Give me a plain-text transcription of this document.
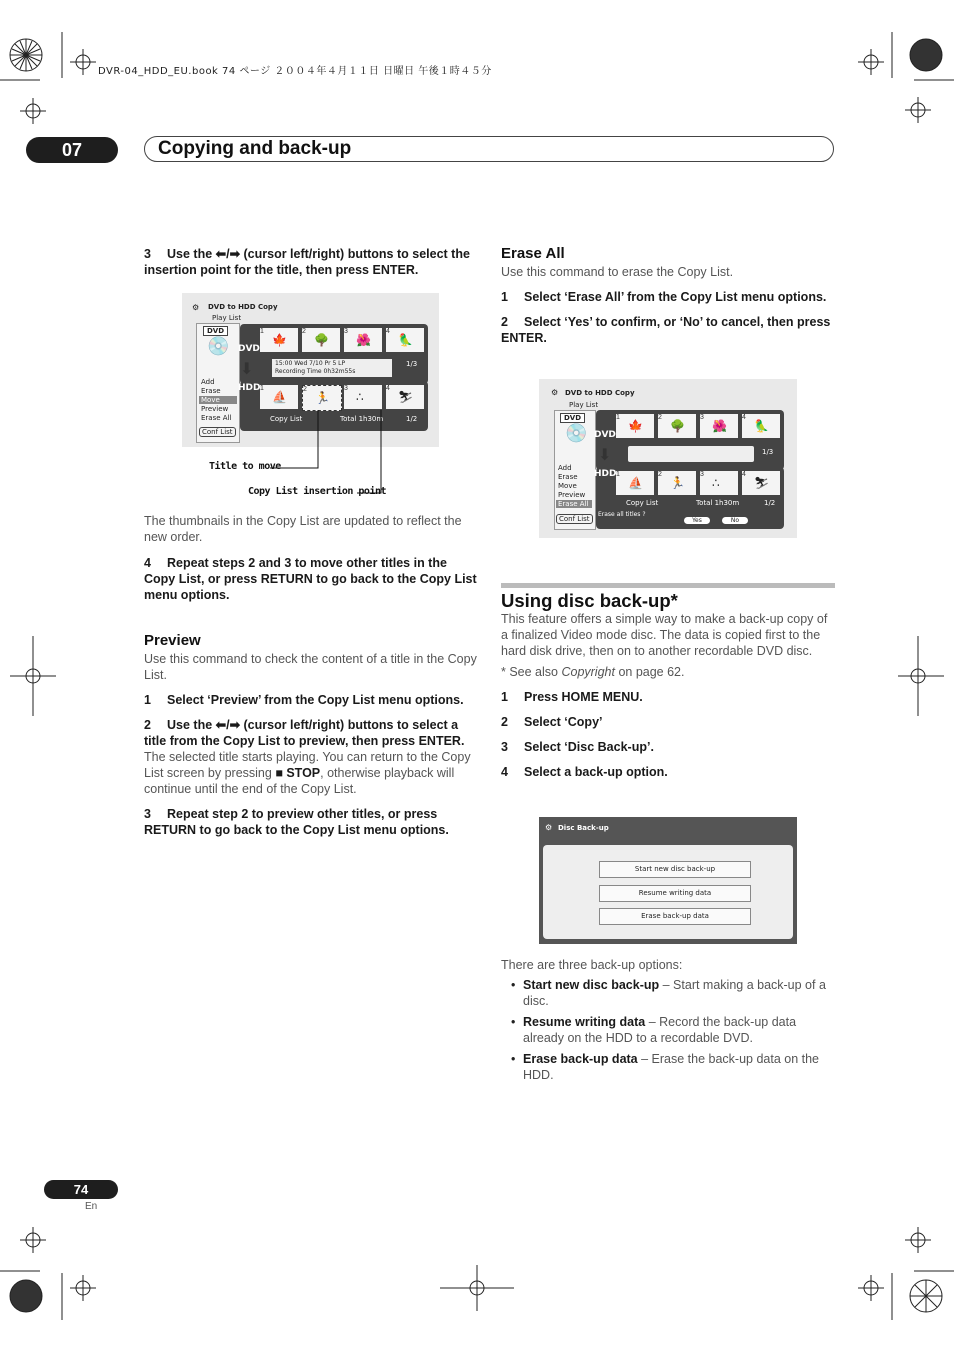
DVR-04_HDD_EU.book 74 ページ ２００４年４月１１日 日曜日 午後１時４５分
07	Copying and back-up

3 Use the ⬅/➡ (cursor left/right) buttons to select the insertion point for the title, then press ENTER.

⚙ DVD to HDD Copy
Play List
DVD
💿
Add
Erase
Move
Preview
Erase All
Conf List
DVD
1
🍁
2
🌳
3
🌺
4
🦜
15:00 Wed 7/10 Pr 5 LP
Recording Time 0h32m55s
1/3
⬇
HDD 1
⛵
2
🏃
3
∴
4
⛷
Copy List	Total 1h30m	1/2
Title to move
Copy List insertion point

The thumbnails in the Copy List are updated to reflect the new order.

4 Repeat steps 2 and 3 to move other titles in the Copy List, or press RETURN to go back to the Copy List menu options.

Preview

Use this command to check the content of a title in the Copy List.

1 Select ‘Preview’ from the Copy List menu options.

2 Use the ⬅/➡ (cursor left/right) buttons to select a title from the Copy List to preview, then press ENTER.

The selected title starts playing. You can return to the Copy List screen by pressing ■ STOP, otherwise playback will continue until the end of the Copy List.

3 Repeat step 2 to preview other titles, or press RETURN to go back to the Copy List menu options.

Erase All

Use this command to erase the Copy List.

1 Select ‘Erase All’ from the Copy List menu options.

2 Select ‘Yes’ to confirm, or ‘No’ to cancel, then press ENTER.

⚙ DVD to HDD Copy
Play List
DVD
💿
Add
Erase
Move
Preview
Erase All
Conf List
DVD
1
🍁
2
🌳
3
🌺
4
🦜
1/3
⬇
HDD 1
⛵
2
🏃
3
∴
4
⛷
Copy List	Total 1h30m	1/2
Erase all titles ?
Yes	No
Using disc back-up*

This feature offers a simple way to make a back-up copy of a finalized Video mode disc. The data is copied first to the hard disk drive, then on to another recordable DVD disc.

* See also Copyright on page 62.

1 Press HOME MENU.

2 Select ‘Copy’

3 Select ‘Disc Back-up’.

4 Select a back-up option.

⚙ Disc Back-up
Start new disc back-up
Resume writing data
Erase back-up data

There are three back-up options:

• Start new disc back-up – Start making a back-up of a disc.
• Resume writing data – Record the back-up data already on the HDD to a recordable DVD.
• Erase back-up data – Erase the back-up data on the HDD.
74
En
